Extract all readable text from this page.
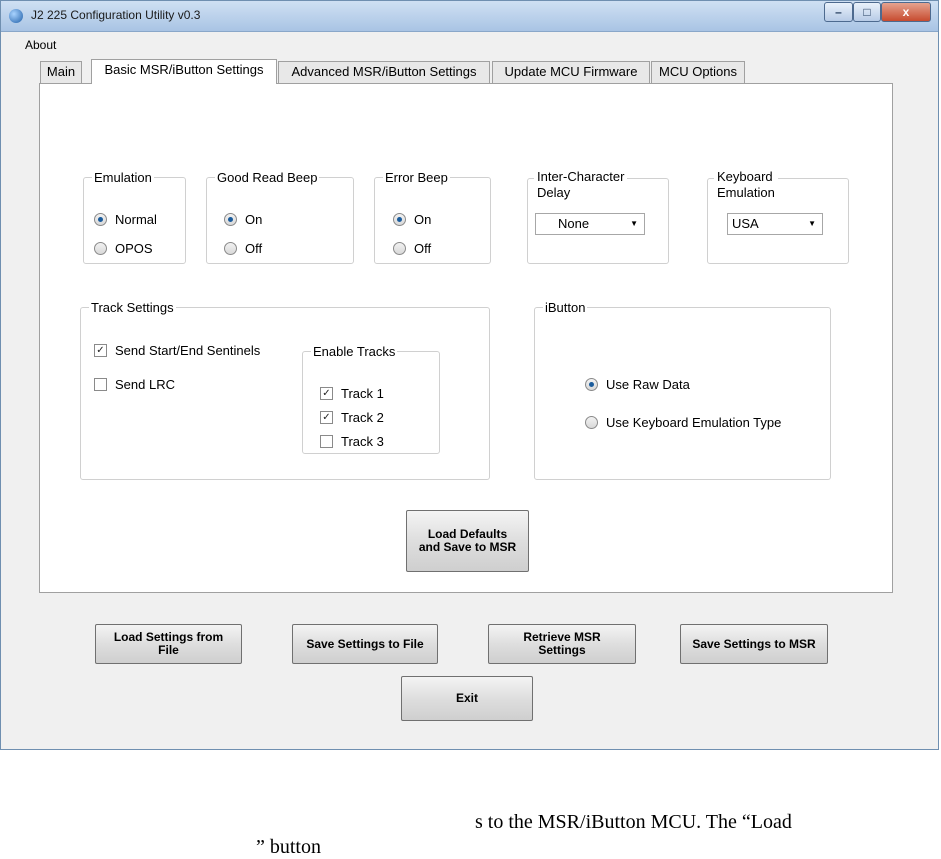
J2 225 Configuration Utility v0.3	–	□	x
About
Main	Basic MSR/iButton Settings	Advanced MSR/iButton Settings	Update MCU Firmware	MCU Options
Emulation
Normal
OPOS
Good Read Beep
On
Off
Error Beep
On
Off
Inter-Character
Delay
None	▼
Keyboard
Emulation
USA	▼
Track Settings
✓ Send Start/End Sentinels
Send LRC
Enable Tracks
✓ Track 1
✓ Track 2
Track 3
iButton
Use Raw Data
Use Keyboard Emulation Type
Load Defaults
and Save to MSR
Load Settings from
File	Save Settings to File	Retrieve MSR
Settings	Save Settings to MSR
Exit
s to the MSR/iButton MCU. The “Load
” button
